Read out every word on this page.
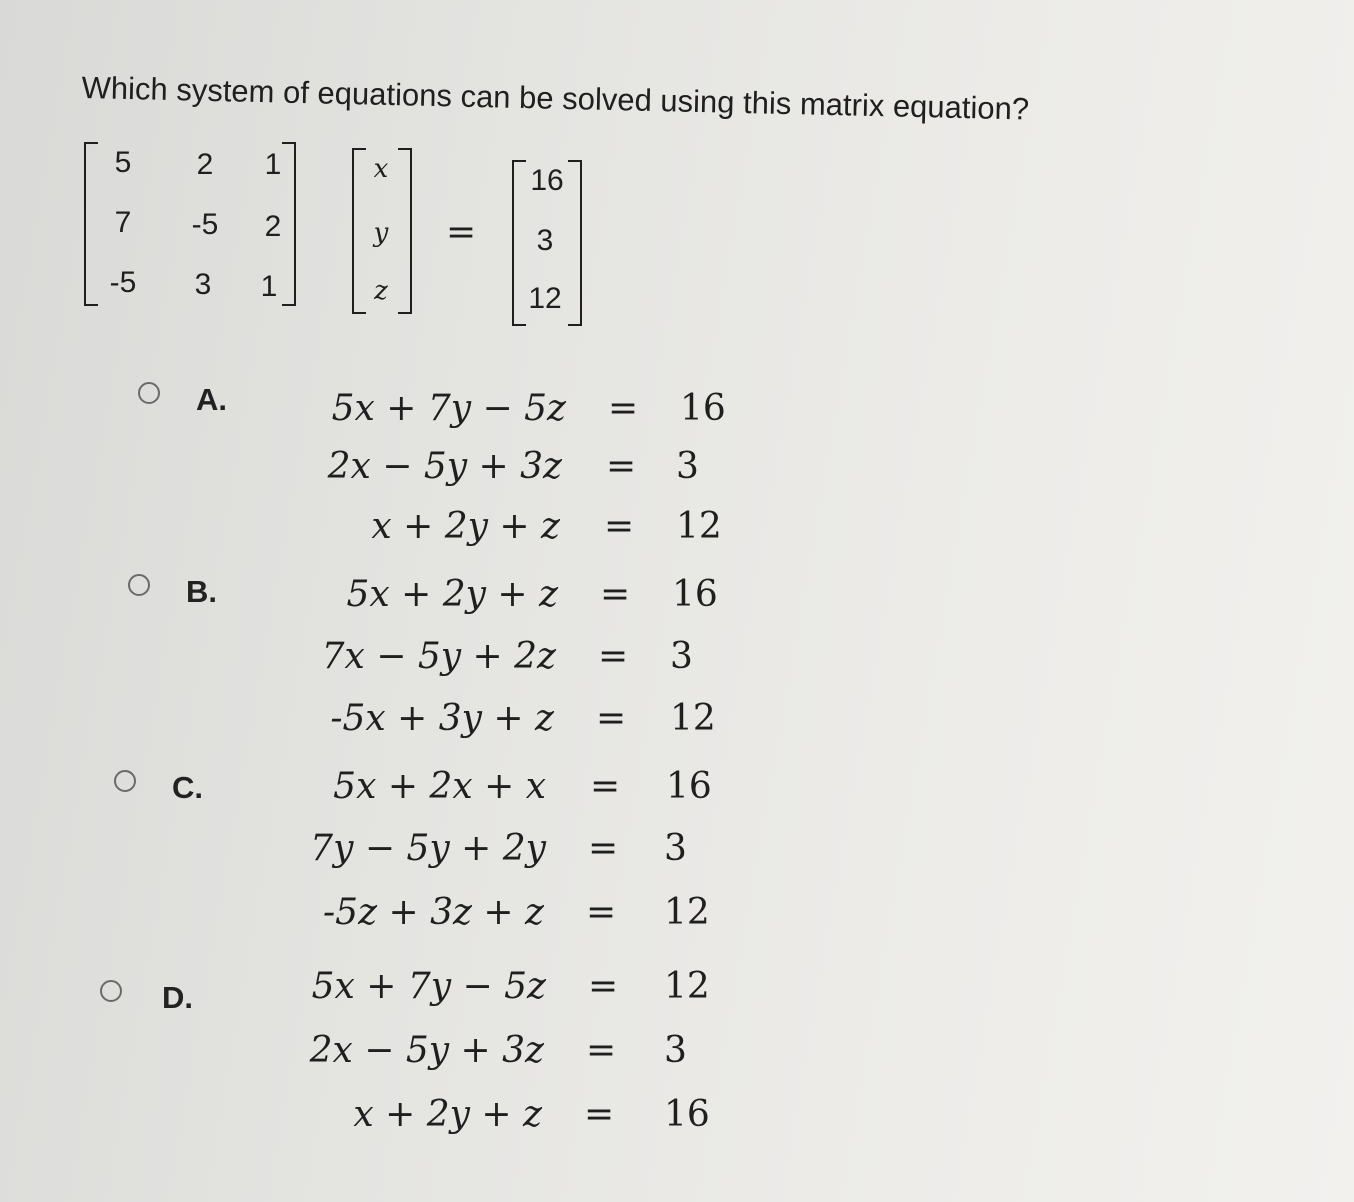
Which system of equations can be solved using this matrix equation?
5	2	1
7	-5	2
-5	3	1
x
y
z
=
16
3
12
A.	5x + 7y − 5z = 16
2x − 5y + 3z = 3
x + 2y + z = 12
B.	5x + 2y + z = 16
7x − 5y + 2z = 3
-5x + 3y + z = 12
C.	5x + 2x + x = 16
7y − 5y + 2y = 3
-5z + 3z + z = 12
D.	5x + 7y − 5z = 12
2x − 5y + 3z = 3
x + 2y + z = 16
